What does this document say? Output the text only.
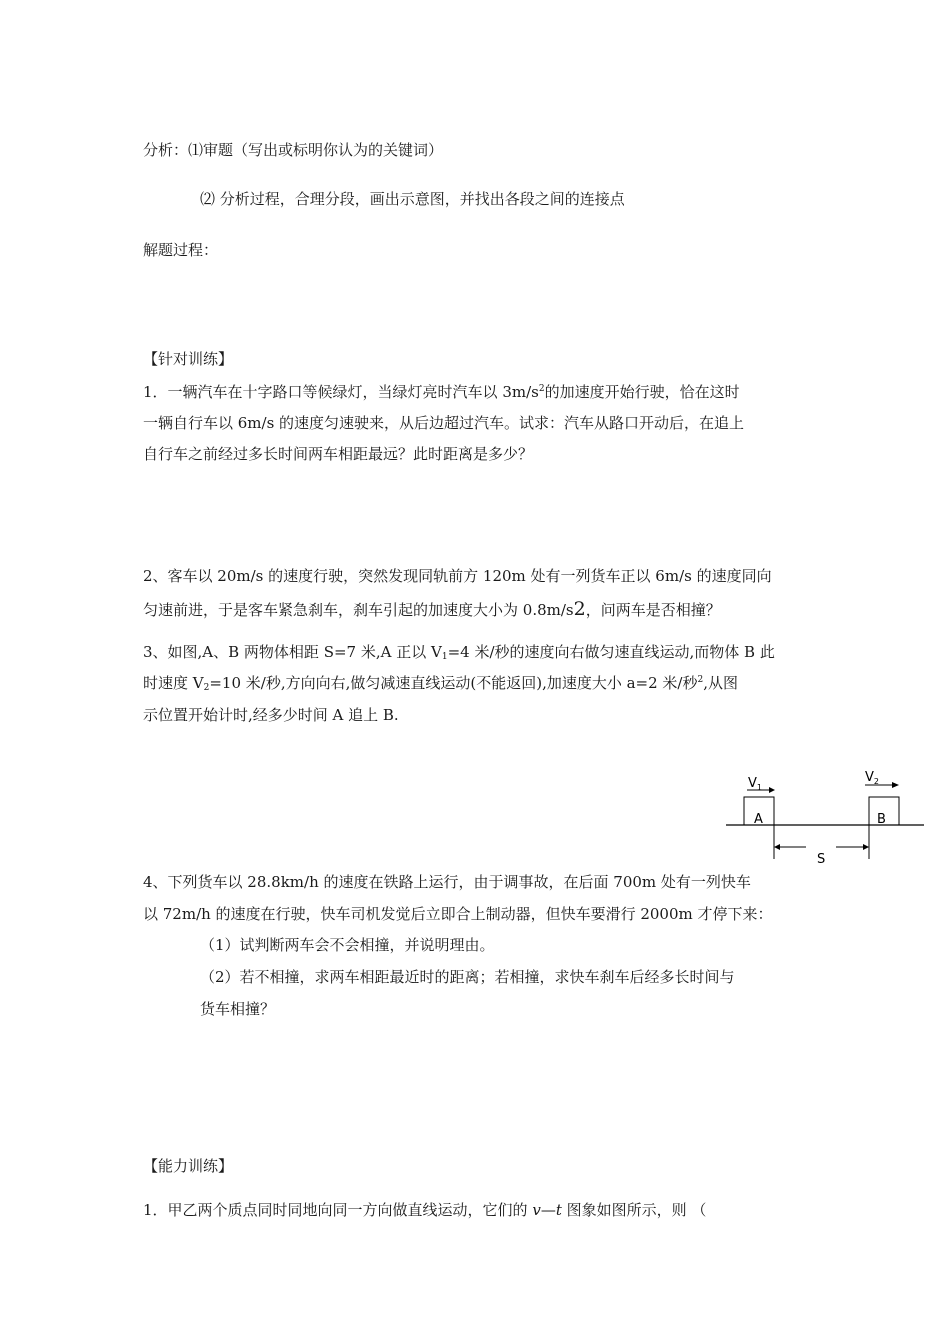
分析：⑴审题（写出或标明你认为的关键词）
⑵ 分析过程，合理分段，画出示意图，并找出各段之间的连接点
解题过程：
【针对训练】
1．一辆汽车在十字路口等候绿灯，当绿灯亮时汽车以 $3m/s^2$的加速度开始行驶，恰在这时
一辆自行车以 6m/s 的速度匀速驶来，从后边超过汽车。试求：汽车从路口开动后，在追上
自行车之前经过多长时间两车相距最远？此时距离是多少？
2、客车以 20m/s 的速度行驶，突然发现同轨前方 120m 处有一列货车正以 6m/s 的速度同向
匀速前进，于是客车紧急刹车，刹车引起的加速度大小为 0.8m/s2，问两车是否相撞？
3、如图,A、B 两物体相距 S=7 米,A 正以 $V_1=4$ 米/秒的速度向右做匀速直线运动,而物体 B 此
时速度 $V_2=10$ 米/秒,方向向右,做匀减速直线运动(不能返回),加速度大小 a=2 米/秒$^2$,从图
示位置开始计时,经多少时间 A 追上 B.
$V_1$
$V_2$
A	B
S
4、下列货车以 28.8km/h 的速度在铁路上运行，由于调事故，在后面 700m 处有一列快车
以 72m/h 的速度在行驶，快车司机发觉后立即合上制动器，但快车要滑行 2000m 才停下来：
（1）试判断两车会不会相撞，并说明理由。
（2）若不相撞，求两车相距最近时的距离；若相撞，求快车刹车后经多长时间与
货车相撞？
【能力训练】
1．甲乙两个质点同时同地向同一方向做直线运动，它们的 v—t 图象如图所示，则 （
